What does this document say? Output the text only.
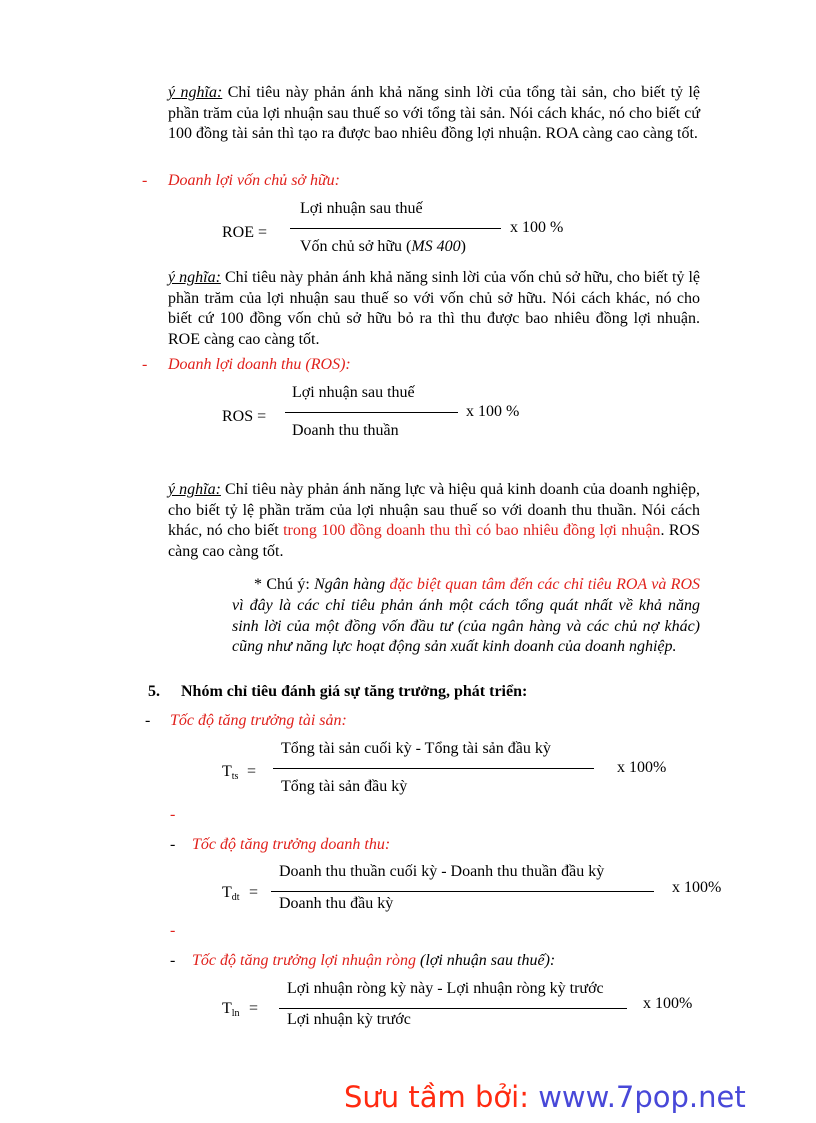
ý nghĩa: Chỉ tiêu này phản ánh khả năng sinh lời của tổng tài sản, cho biết tỷ lệ phần trăm của lợi nhuận sau thuế so với tổng tài sản. Nói cách khác, nó cho biết cứ 100 đồng tài sản thì tạo ra được bao nhiêu đồng lợi nhuận. ROA càng cao càng tốt.
- Doanh lợi vốn chủ sở hữu:
ROE =
Lợi nhuận sau thuế
Vốn chủ sở hữu (MS 400)
x 100 %
ý nghĩa: Chỉ tiêu này phản ánh khả năng sinh lời của vốn chủ sở hữu, cho biết tỷ lệ phần trăm của lợi nhuận sau thuế so với vốn chủ sở hữu. Nói cách khác, nó cho biết cứ 100 đồng vốn chủ sở hữu bỏ ra thì thu được bao nhiêu đồng lợi nhuận. ROE càng cao càng tốt.
- Doanh lợi doanh thu (ROS):
ROS =
Lợi nhuận sau thuế
Doanh thu thuần
x 100 %
ý nghĩa: Chỉ tiêu này phản ánh năng lực và hiệu quả kinh doanh của doanh nghiệp, cho biết tỷ lệ phần trăm của lợi nhuận sau thuế so với doanh thu thuần. Nói cách khác, nó cho biết trong 100 đồng doanh thu thì có bao nhiêu đồng lợi nhuận. ROS càng cao càng tốt.
* Chú ý: Ngân hàng đặc biệt quan tâm đến các chỉ tiêu ROA và ROS vì đây là các chỉ tiêu phản ánh một cách tổng quát nhất về khả năng sinh lời của một đồng vốn đầu tư (của ngân hàng và các chủ nợ khác) cũng như năng lực hoạt động sản xuất kinh doanh của doanh nghiệp.
5. Nhóm chỉ tiêu đánh giá sự tăng trưởng, phát triển:
- Tốc độ tăng trưởng tài sản:
$T_{ts}$ =
Tổng tài sản cuối kỳ - Tổng tài sản đầu kỳ
Tổng tài sản đầu kỳ
x 100%
-
- Tốc độ tăng trưởng doanh thu:
$T_{dt}$ =
Doanh thu thuần cuối kỳ - Doanh thu thuần đầu kỳ
Doanh thu đầu kỳ
x 100%
-
- Tốc độ tăng trưởng lợi nhuận ròng (lợi nhuận sau thuế):
$T_{ln}$ =
Lợi nhuận ròng kỳ này - Lợi nhuận ròng kỳ trước
Lợi nhuận kỳ trước
x 100%
Sưu tầm bởi: www.7pop.net
